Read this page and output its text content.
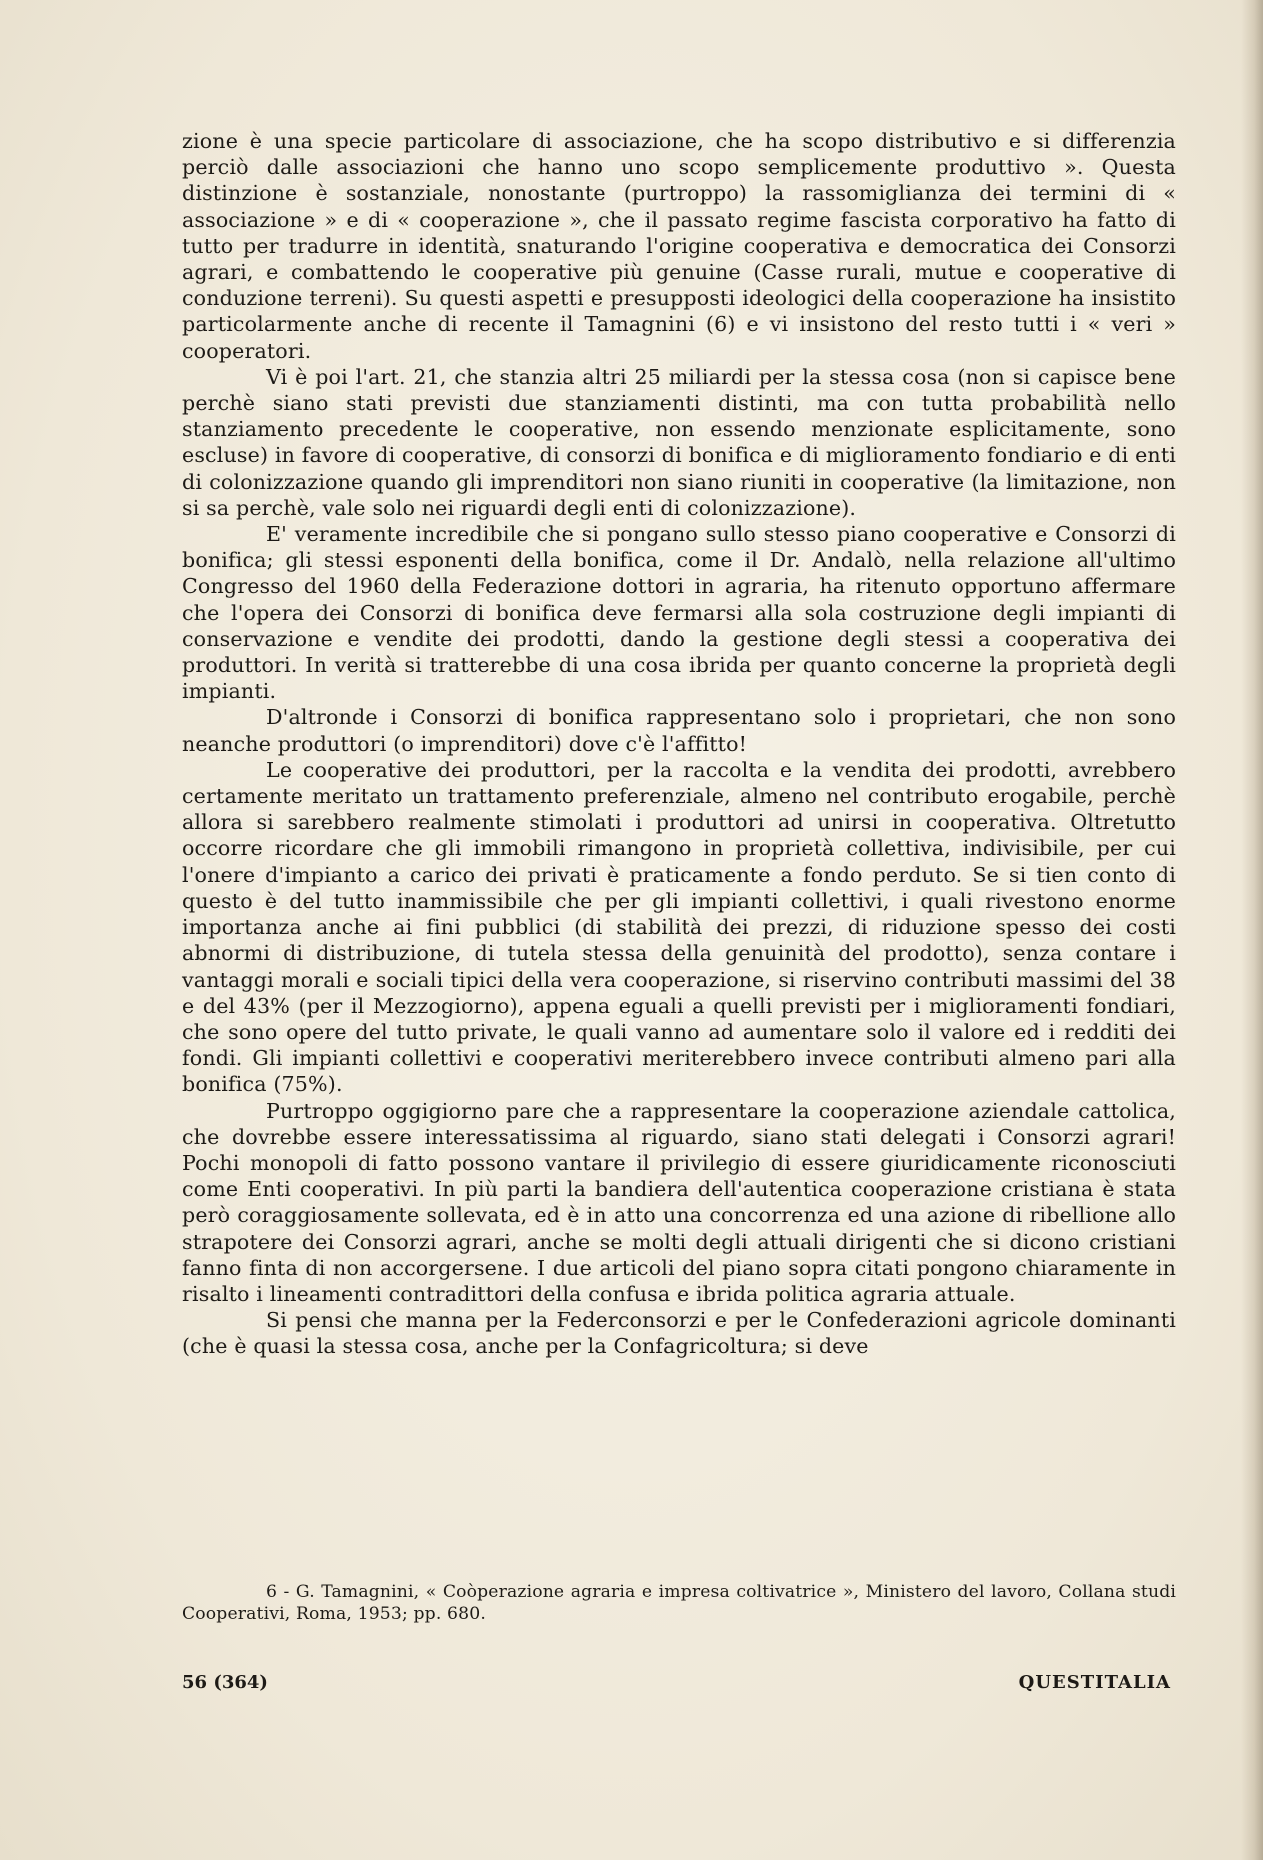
zione è una specie particolare di associazione, che ha scopo distributivo e si differenzia perciò dalle associazioni che hanno uno scopo semplicemente produttivo ». Questa distinzione è sostanziale, nonostante (purtroppo) la rassomiglianza dei termini di « associazione » e di « cooperazione », che il passato regime fascista corporativo ha fatto di tutto per tradurre in identità, snaturando l'origine cooperativa e democratica dei Consorzi agrari, e combattendo le cooperative più genuine (Casse rurali, mutue e cooperative di conduzione terreni). Su questi aspetti e presupposti ideologici della cooperazione ha insistito particolarmente anche di recente il Tamagnini (6) e vi insistono del resto tutti i « veri » cooperatori.

Vi è poi l'art. 21, che stanzia altri 25 miliardi per la stessa cosa (non si capisce bene perchè siano stati previsti due stanziamenti distinti, ma con tutta probabilità nello stanziamento precedente le cooperative, non essendo menzionate esplicitamente, sono escluse) in favore di cooperative, di consorzi di bonifica e di miglioramento fondiario e di enti di colonizzazione quando gli imprenditori non siano riuniti in cooperative (la limitazione, non si sa perchè, vale solo nei riguardi degli enti di colonizzazione).

E' veramente incredibile che si pongano sullo stesso piano cooperative e Consorzi di bonifica; gli stessi esponenti della bonifica, come il Dr. Andalò, nella relazione all'ultimo Congresso del 1960 della Federazione dottori in agraria, ha ritenuto opportuno affermare che l'opera dei Consorzi di bonifica deve fermarsi alla sola costruzione degli impianti di conservazione e vendite dei prodotti, dando la gestione degli stessi a cooperativa dei produttori. In verità si tratterebbe di una cosa ibrida per quanto concerne la proprietà degli impianti.

D'altronde i Consorzi di bonifica rappresentano solo i proprietari, che non sono neanche produttori (o imprenditori) dove c'è l'affitto!

Le cooperative dei produttori, per la raccolta e la vendita dei prodotti, avrebbero certamente meritato un trattamento preferenziale, almeno nel contributo erogabile, perchè allora si sarebbero realmente stimolati i produttori ad unirsi in cooperativa. Oltretutto occorre ricordare che gli immobili rimangono in proprietà collettiva, indivisibile, per cui l'onere d'impianto a carico dei privati è praticamente a fondo perduto. Se si tien conto di questo è del tutto inammissibile che per gli impianti collettivi, i quali rivestono enorme importanza anche ai fini pubblici (di stabilità dei prezzi, di riduzione spesso dei costi abnormi di distribuzione, di tutela stessa della genuinità del prodotto), senza contare i vantaggi morali e sociali tipici della vera cooperazione, si riservino contributi massimi del 38 e del 43% (per il Mezzogiorno), appena eguali a quelli previsti per i miglioramenti fondiari, che sono opere del tutto private, le quali vanno ad aumentare solo il valore ed i redditi dei fondi. Gli impianti collettivi e cooperativi meriterebbero invece contributi almeno pari alla bonifica (75%).

Purtroppo oggigiorno pare che a rappresentare la cooperazione aziendale cattolica, che dovrebbe essere interessatissima al riguardo, siano stati delegati i Consorzi agrari! Pochi monopoli di fatto possono vantare il privilegio di essere giuridicamente riconosciuti come Enti cooperativi. In più parti la bandiera dell'autentica cooperazione cristiana è stata però coraggiosamente sollevata, ed è in atto una concorrenza ed una azione di ribellione allo strapotere dei Consorzi agrari, anche se molti degli attuali dirigenti che si dicono cristiani fanno finta di non accorgersene. I due articoli del piano sopra citati pongono chiaramente in risalto i lineamenti contradittori della confusa e ibrida politica agraria attuale.

Si pensi che manna per la Federconsorzi e per le Confederazioni agricole dominanti (che è quasi la stessa cosa, anche per la Confagricoltura; si deve

6 - G. Tamagnini, « Coòperazione agraria e impresa coltivatrice », Ministero del lavoro, Collana studi Cooperativi, Roma, 1953; pp. 680.
56 (364)	QUESTITALIA
